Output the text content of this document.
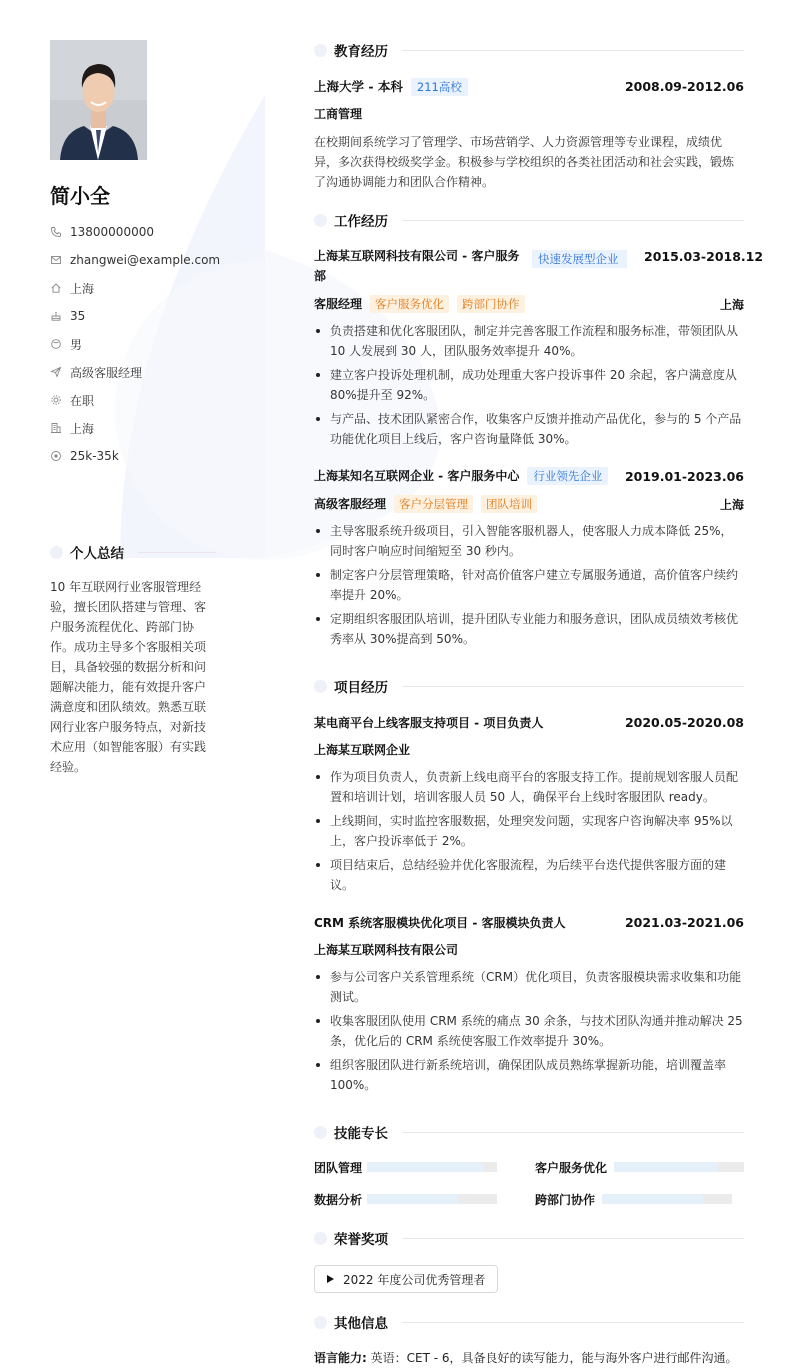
简小全
13800000000
zhangwei@example.com
上海
35
男
高级客服经理
在职
上海
25k-35k
个人总结
10 年互联网行业客服管理经验，擅长团队搭建与管理、客户服务流程优化、跨部门协作。成功主导多个客服相关项目，具备较强的数据分析和问题解决能力，能有效提升客户满意度和团队绩效。熟悉互联网行业客户服务特点，对新技术应用（如智能客服）有实践经验。
教育经历
上海大学 - 本科 211高校	2008.09-2012.06
工商管理
在校期间系统学习了管理学、市场营销学、人力资源管理等专业课程，成绩优异，多次获得校级奖学金。积极参与学校组织的各类社团活动和社会实践，锻炼了沟通协调能力和团队合作精神。
工作经历
上海某互联网科技有限公司 - 客户服务部
快速发展型企业	2015.03-2018.12
客服经理 客户服务优化 跨部门协作	上海
负责搭建和优化客服团队，制定并完善客服工作流程和服务标准，带领团队从 10 人发展到 30 人，团队服务效率提升 40%。
建立客户投诉处理机制，成功处理重大客户投诉事件 20 余起，客户满意度从 80%提升至 92%。
与产品、技术团队紧密合作，收集客户反馈并推动产品优化，参与的 5 个产品功能优化项目上线后，客户咨询量降低 30%。
上海某知名互联网企业 - 客户服务中心 行业领先企业	2019.01-2023.06
高级客服经理 客户分层管理 团队培训	上海
主导客服系统升级项目，引入智能客服机器人，使客服人力成本降低 25%，同时客户响应时间缩短至 30 秒内。
制定客户分层管理策略，针对高价值客户建立专属服务通道，高价值客户续约率提升 20%。
定期组织客服团队培训，提升团队专业能力和服务意识，团队成员绩效考核优秀率从 30%提高到 50%。
项目经历
某电商平台上线客服支持项目 - 项目负责人	2020.05-2020.08
上海某互联网企业
作为项目负责人，负责新上线电商平台的客服支持工作。提前规划客服人员配置和培训计划，培训客服人员 50 人，确保平台上线时客服团队 ready。
上线期间，实时监控客服数据，处理突发问题，实现客户咨询解决率 95%以上，客户投诉率低于 2%。
项目结束后，总结经验并优化客服流程，为后续平台迭代提供客服方面的建议。
CRM 系统客服模块优化项目 - 客服模块负责人	2021.03-2021.06
上海某互联网科技有限公司
参与公司客户关系管理系统（CRM）优化项目，负责客服模块需求收集和功能测试。
收集客服团队使用 CRM 系统的痛点 30 余条，与技术团队沟通并推动解决 25 条，优化后的 CRM 系统使客服工作效率提升 30%。
组织客服团队进行新系统培训，确保团队成员熟练掌握新功能，培训覆盖率 100%。
技能专长
团队管理	客户服务优化
数据分析	跨部门协作
荣誉奖项
2022 年度公司优秀管理者
其他信息
语言能力: 英语：CET - 6，具备良好的读写能力，能与海外客户进行邮件沟通。
